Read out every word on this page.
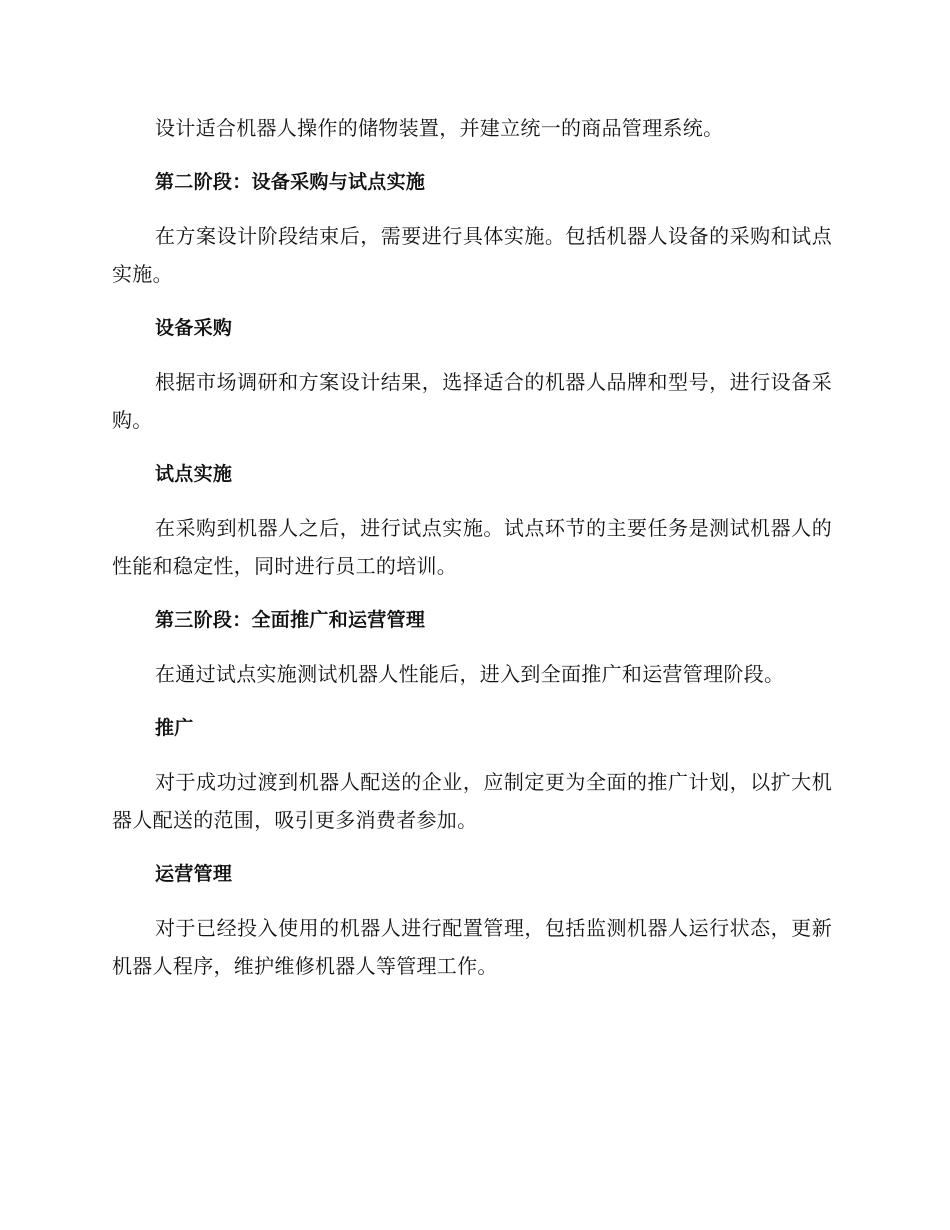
设计适合机器人操作的储物装置，并建立统一的商品管理系统。

第二阶段：设备采购与试点实施

在方案设计阶段结束后，需要进行具体实施。包括机器人设备的采购和试点实施。

设备采购

根据市场调研和方案设计结果，选择适合的机器人品牌和型号，进行设备采购。

试点实施

在采购到机器人之后，进行试点实施。试点环节的主要任务是测试机器人的性能和稳定性，同时进行员工的培训。

第三阶段：全面推广和运营管理

在通过试点实施测试机器人性能后，进入到全面推广和运营管理阶段。

推广

对于成功过渡到机器人配送的企业，应制定更为全面的推广计划，以扩大机器人配送的范围，吸引更多消费者参加。

运营管理

对于已经投入使用的机器人进行配置管理，包括监测机器人运行状态，更新机器人程序，维护维修机器人等管理工作。
